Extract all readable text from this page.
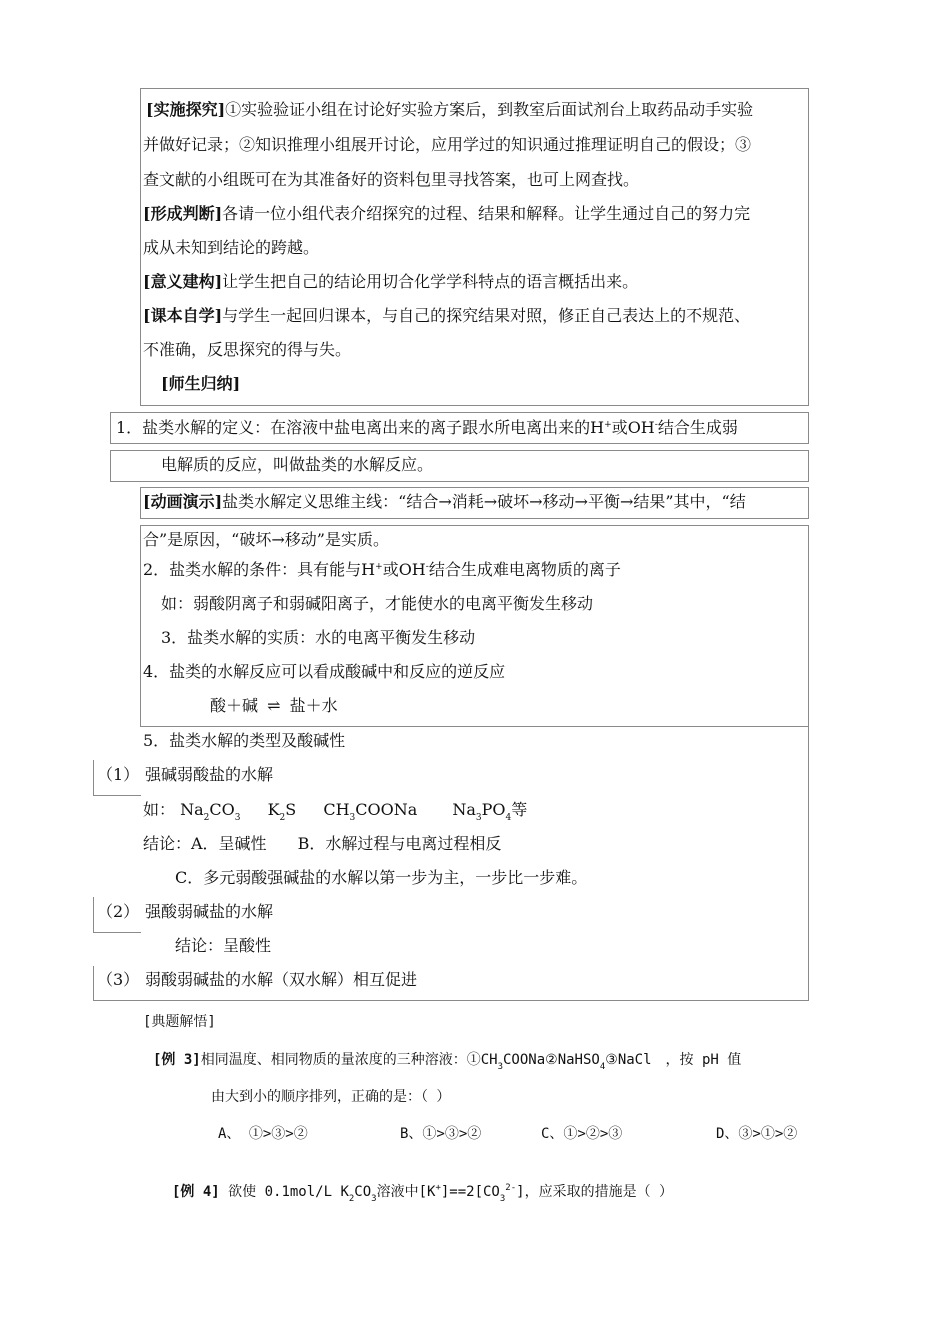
[实施探究]①实验验证小组在讨论好实验方案后，到教室后面试剂台上取药品动手实验
并做好记录；②知识推理小组展开讨论，应用学过的知识通过推理证明自己的假设；③
查文献的小组既可在为其准备好的资料包里寻找答案，也可上网查找。
[形成判断]各请一位小组代表介绍探究的过程、结果和解释。让学生通过自己的努力完
成从未知到结论的跨越。
[意义建构]让学生把自己的结论用切合化学学科特点的语言概括出来。
[课本自学]与学生一起回归课本，与自己的探究结果对照，修正自己表达上的不规范、
不准确，反思探究的得与失。
[师生归纳]
1．盐类水解的定义：在溶液中盐电离出来的离子跟水所电离出来的H+或OH-结合生成弱
电解质的反应，叫做盐类的水解反应。
[动画演示]盐类水解定义思维主线：“结合→消耗→破坏→移动→平衡→结果”其中，“结
合”是原因，“破坏→移动”是实质。
2．盐类水解的条件：具有能与H+或OH-结合生成难电离物质的离子
如：弱酸阴离子和弱碱阳离子，才能使水的电离平衡发生移动
3．盐类水解的实质：水的电离平衡发生移动
4．盐类的水解反应可以看成酸碱中和反应的逆反应
酸＋碱 ⇌ 盐＋水
5．盐类水解的类型及酸碱性
（1） 强碱弱酸盐的水解
如： $Na_2CO_3$ $K_2S$ $CH_3COONa$ $Na_3PO_4$等
结论：A．呈碱性 B．水解过程与电离过程相反
C．多元弱酸强碱盐的水解以第一步为主，一步比一步难。
（2） 强酸弱碱盐的水解
结论：呈酸性
（3） 弱酸弱碱盐的水解（双水解）相互促进
[典题解悟]
[例 3]相同温度、相同物质的量浓度的三种溶液：$①CH_3COONa②NaHSO_4③NaCl$　，按 pH 值
由大到小的顺序排列，正确的是：（ ）
A、 ①>③>②	B、①>③>②	C、①>②>③	D、③>①>②
[例 4] 欲使 0.1mol/L $K_2CO_3$溶液中$[K^+]==2[CO_3^{2-}]$，应采取的措施是（ ）
